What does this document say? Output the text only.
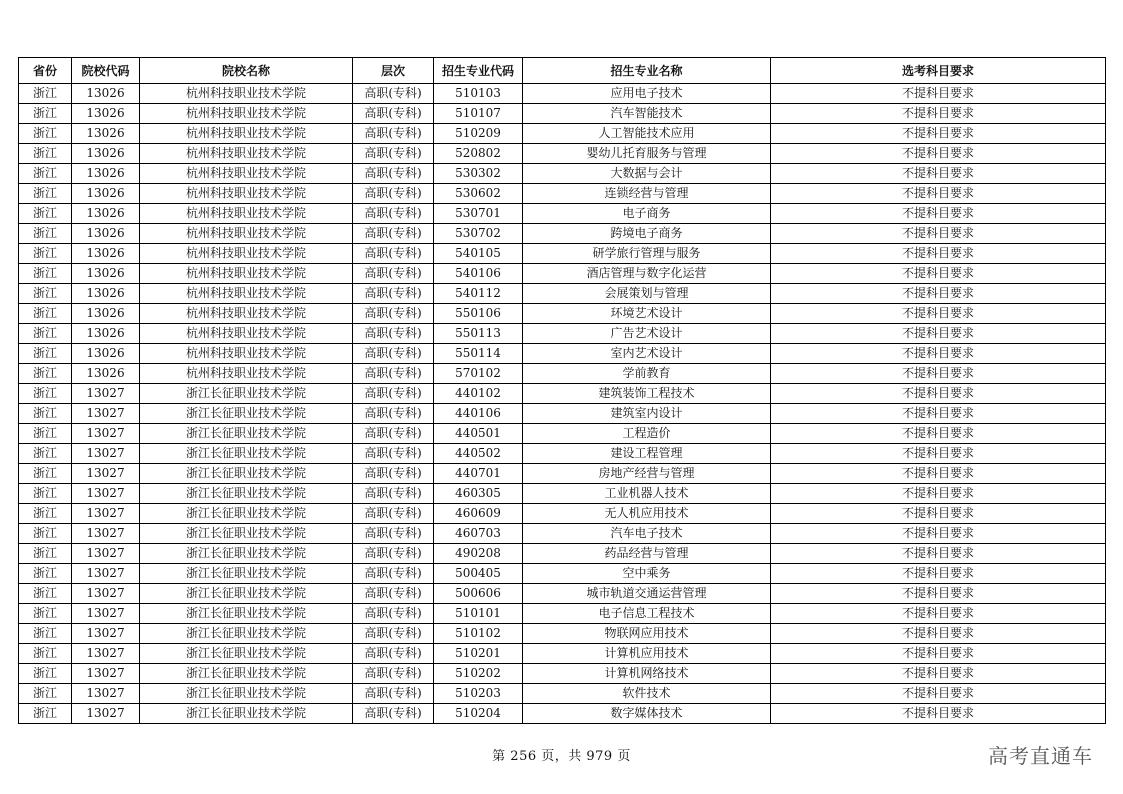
省份	院校代码	院校名称	层次	招生专业代码	招生专业名称	选考科目要求
浙江	13026	杭州科技职业技术学院	高职(专科)	510103	应用电子技术	不提科目要求
浙江	13026	杭州科技职业技术学院	高职(专科)	510107	汽车智能技术	不提科目要求
浙江	13026	杭州科技职业技术学院	高职(专科)	510209	人工智能技术应用	不提科目要求
浙江	13026	杭州科技职业技术学院	高职(专科)	520802	婴幼儿托育服务与管理	不提科目要求
浙江	13026	杭州科技职业技术学院	高职(专科)	530302	大数据与会计	不提科目要求
浙江	13026	杭州科技职业技术学院	高职(专科)	530602	连锁经营与管理	不提科目要求
浙江	13026	杭州科技职业技术学院	高职(专科)	530701	电子商务	不提科目要求
浙江	13026	杭州科技职业技术学院	高职(专科)	530702	跨境电子商务	不提科目要求
浙江	13026	杭州科技职业技术学院	高职(专科)	540105	研学旅行管理与服务	不提科目要求
浙江	13026	杭州科技职业技术学院	高职(专科)	540106	酒店管理与数字化运营	不提科目要求
浙江	13026	杭州科技职业技术学院	高职(专科)	540112	会展策划与管理	不提科目要求
浙江	13026	杭州科技职业技术学院	高职(专科)	550106	环境艺术设计	不提科目要求
浙江	13026	杭州科技职业技术学院	高职(专科)	550113	广告艺术设计	不提科目要求
浙江	13026	杭州科技职业技术学院	高职(专科)	550114	室内艺术设计	不提科目要求
浙江	13026	杭州科技职业技术学院	高职(专科)	570102	学前教育	不提科目要求
浙江	13027	浙江长征职业技术学院	高职(专科)	440102	建筑装饰工程技术	不提科目要求
浙江	13027	浙江长征职业技术学院	高职(专科)	440106	建筑室内设计	不提科目要求
浙江	13027	浙江长征职业技术学院	高职(专科)	440501	工程造价	不提科目要求
浙江	13027	浙江长征职业技术学院	高职(专科)	440502	建设工程管理	不提科目要求
浙江	13027	浙江长征职业技术学院	高职(专科)	440701	房地产经营与管理	不提科目要求
浙江	13027	浙江长征职业技术学院	高职(专科)	460305	工业机器人技术	不提科目要求
浙江	13027	浙江长征职业技术学院	高职(专科)	460609	无人机应用技术	不提科目要求
浙江	13027	浙江长征职业技术学院	高职(专科)	460703	汽车电子技术	不提科目要求
浙江	13027	浙江长征职业技术学院	高职(专科)	490208	药品经营与管理	不提科目要求
浙江	13027	浙江长征职业技术学院	高职(专科)	500405	空中乘务	不提科目要求
浙江	13027	浙江长征职业技术学院	高职(专科)	500606	城市轨道交通运营管理	不提科目要求
浙江	13027	浙江长征职业技术学院	高职(专科)	510101	电子信息工程技术	不提科目要求
浙江	13027	浙江长征职业技术学院	高职(专科)	510102	物联网应用技术	不提科目要求
浙江	13027	浙江长征职业技术学院	高职(专科)	510201	计算机应用技术	不提科目要求
浙江	13027	浙江长征职业技术学院	高职(专科)	510202	计算机网络技术	不提科目要求
浙江	13027	浙江长征职业技术学院	高职(专科)	510203	软件技术	不提科目要求
浙江	13027	浙江长征职业技术学院	高职(专科)	510204	数字媒体技术	不提科目要求
第 256 页，共 979 页	高考直通车
